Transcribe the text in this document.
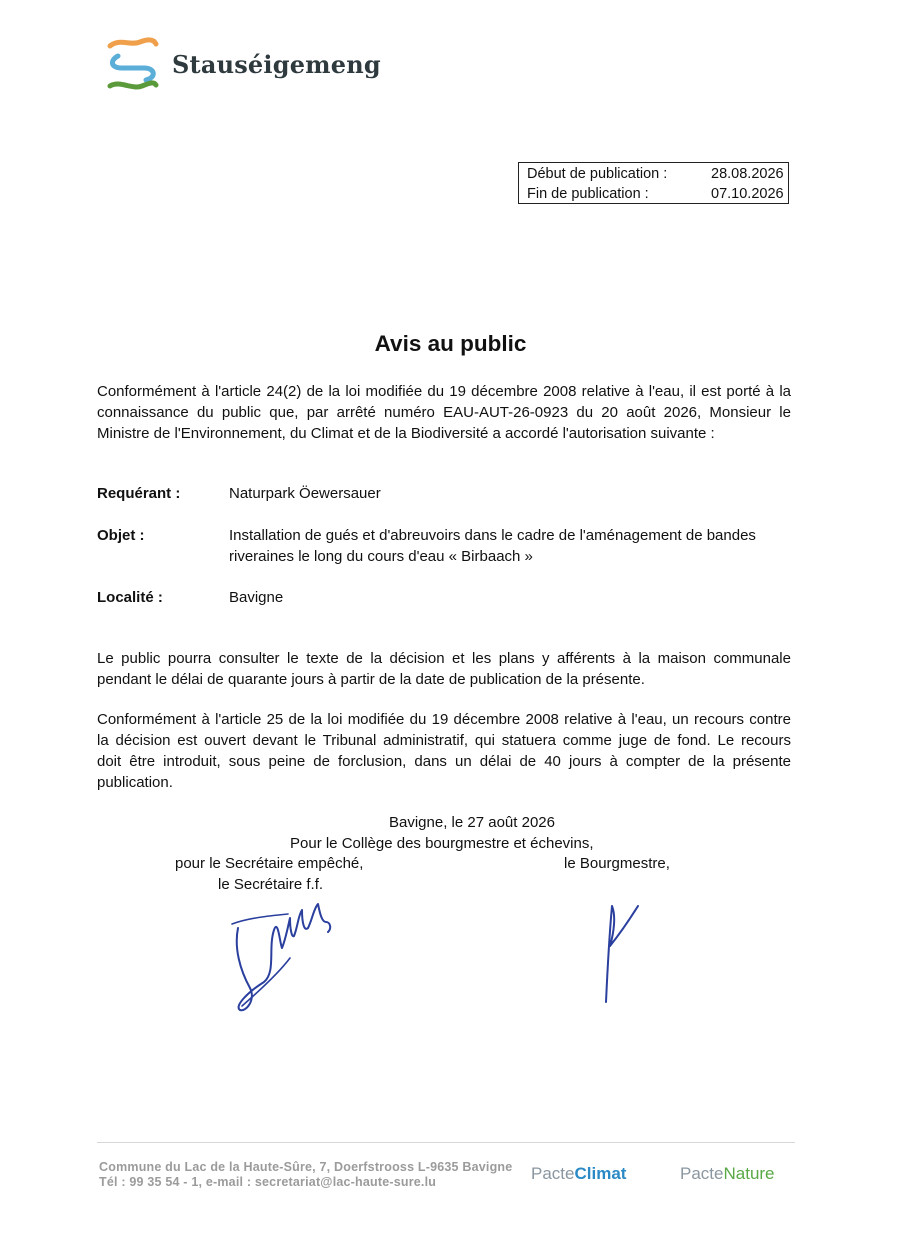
Stauséigemeng
Début de publication :	28.08.2026
Fin de publication :	07.10.2026
Avis au public
Conformément à l'article 24(2) de la loi modifiée du 19 décembre 2008 relative à l'eau, il est porté à la
connaissance du public que, par arrêté numéro EAU-AUT-26-0923 du 20 août 2026, Monsieur le
Ministre de l'Environnement, du Climat et de la Biodiversité a accordé l'autorisation suivante :
Requérant :	Naturpark Öewersauer
Objet :	Installation de gués et d'abreuvoirs dans le cadre de l'aménagement de bandes
riveraines le long du cours d'eau « Birbaach »
Localité :	Bavigne
Le public pourra consulter le texte de la décision et les plans y afférents à la maison communale
pendant le délai de quarante jours à partir de la date de publication de la présente.
Conformément à l'article 25 de la loi modifiée du 19 décembre 2008 relative à l'eau, un recours contre
la décision est ouvert devant le Tribunal administratif, qui statuera comme juge de fond. Le recours
doit être introduit, sous peine de forclusion, dans un délai de 40 jours à compter de la présente
publication.
Bavigne, le 27 août 2026
Pour le Collège des bourgmestre et échevins,
pour le Secrétaire empêché,
le Secrétaire f.f.
le Bourgmestre,
Commune du Lac de la Haute-Sûre, 7, Doerfstrooss L-9635 Bavigne
Tél : 99 35 54 - 1, e-mail : secretariat@lac-haute-sure.lu	PacteClimat	PacteNature
